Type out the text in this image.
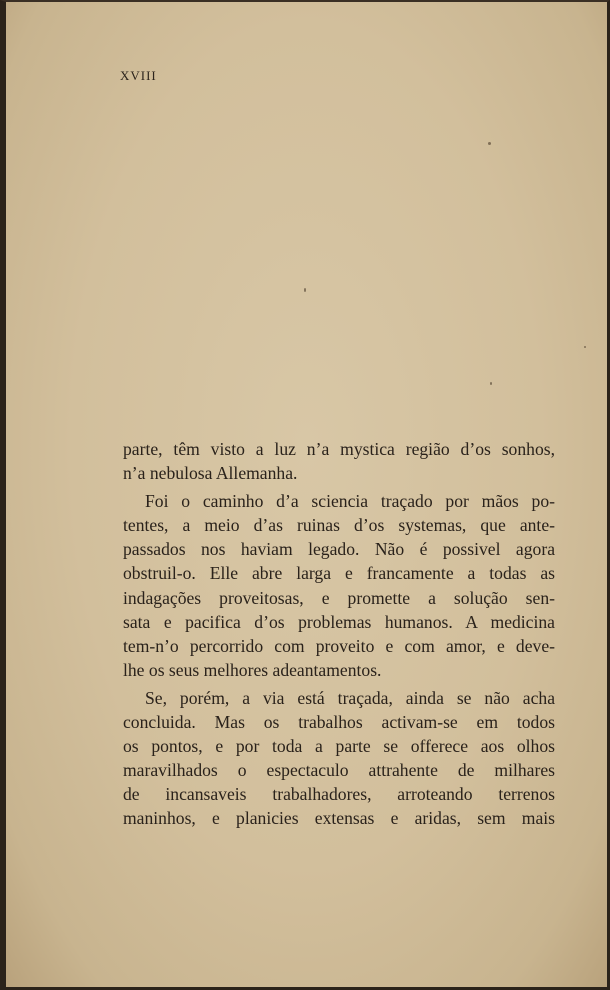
XVIII

parte, têm visto a luz n’a mystica região d’os sonhos,
n’a nebulosa Allemanha.
Foi o caminho d’a sciencia traçado por mãos po-
tentes, a meio d’as ruinas d’os systemas, que ante-
passados nos haviam legado. Não é possivel agora
obstruil-o. Elle abre larga e francamente a todas as
indagações proveitosas, e promette a solução sen-
sata e pacifica d’os problemas humanos. A medicina
tem-n’o percorrido com proveito e com amor, e deve-
lhe os seus melhores adeantamentos.
Se, porém, a via está traçada, ainda se não acha
concluida. Mas os trabalhos activam-se em todos
os pontos, e por toda a parte se offerece aos olhos
maravilhados o espectaculo attrahente de milhares
de incansaveis trabalhadores, arroteando terrenos
maninhos, e planicies extensas e aridas, sem mais
